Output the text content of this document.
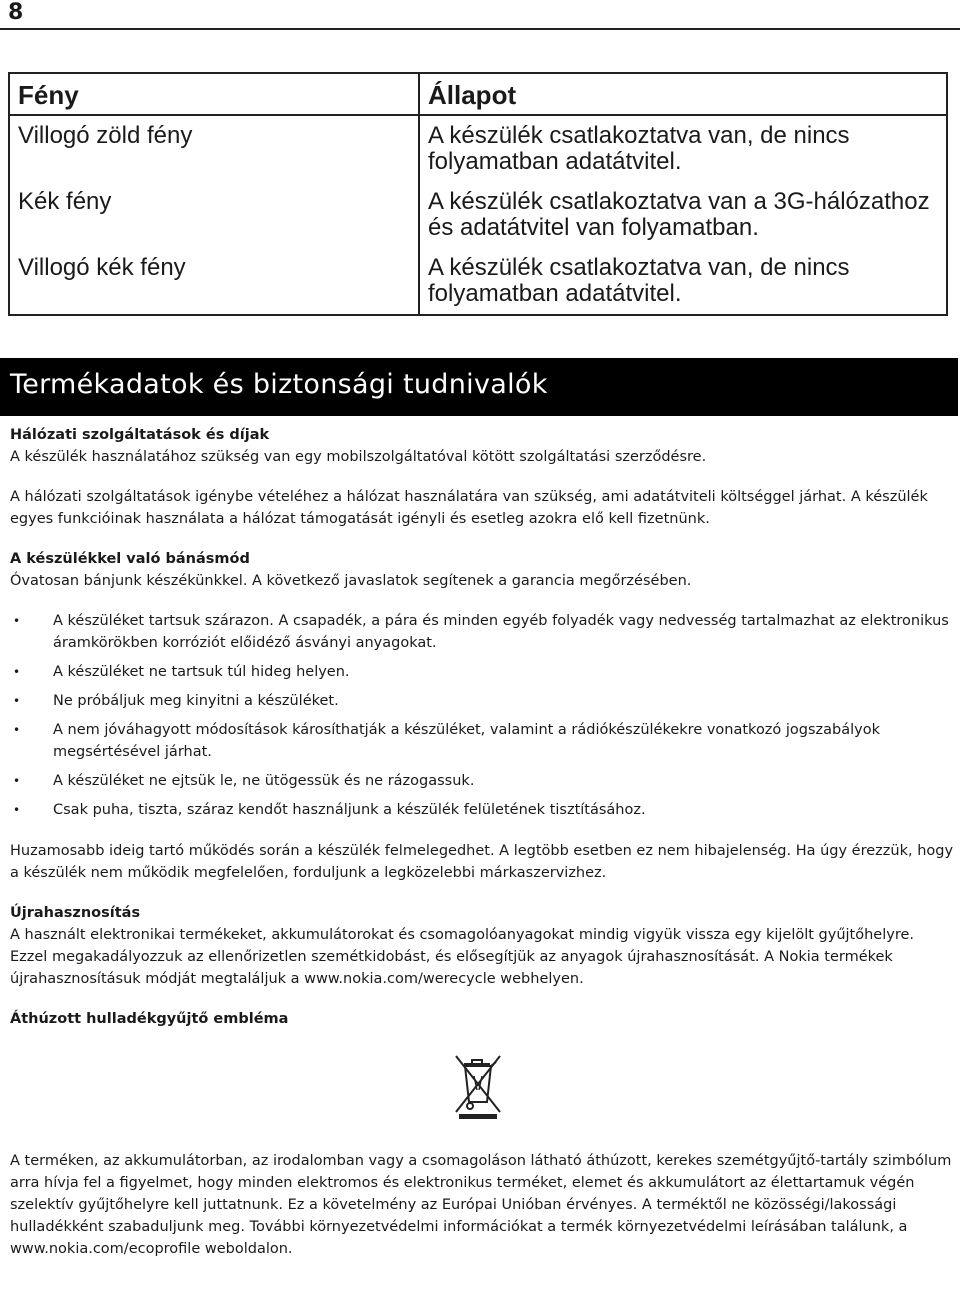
8
Fény	Állapot
Villogó zöld fény	A készülék csatlakoztatva van, de nincs folyamatban adatátvitel.
Kék fény	A készülék csatlakoztatva van a 3G-hálózathoz és adatátvitel van folyamatban.
Villogó kék fény	A készülék csatlakoztatva van, de nincs folyamatban adatátvitel.
Termékadatok és biztonsági tudnivalók

Hálózati szolgáltatások és díjak

A készülék használatához szükség van egy mobilszolgáltatóval kötött szolgáltatási szerződésre.

A hálózati szolgáltatások igénybe vételéhez a hálózat használatára van szükség, ami adatátviteli költséggel járhat. A készülék egyes funkcióinak használata a hálózat támogatását igényli és esetleg azokra elő kell fizetnünk.

A készülékkel való bánásmód

Óvatosan bánjunk készékünkkel. A következő javaslatok segítenek a garancia megőrzésében.

• A készüléket tartsuk szárazon. A csapadék, a pára és minden egyéb folyadék vagy nedvesség tartalmazhat az elektronikus áramkörökben korróziót előidéző ásványi anyagokat.
• A készüléket ne tartsuk túl hideg helyen.
• Ne próbáljuk meg kinyitni a készüléket.
• A nem jóváhagyott módosítások károsíthatják a készüléket, valamint a rádiókészülékekre vonatkozó jogszabályok megsértésével járhat.
• A készüléket ne ejtsük le, ne ütögessük és ne rázogassuk.
• Csak puha, tiszta, száraz kendőt használjunk a készülék felületének tisztításához.

Huzamosabb ideig tartó működés során a készülék felmelegedhet. A legtöbb esetben ez nem hibajelenség. Ha úgy érezzük, hogy a készülék nem működik megfelelően, forduljunk a legközelebbi márkaszervizhez.

Újrahasznosítás

A használt elektronikai termékeket, akkumulátorokat és csomagolóanyagokat mindig vigyük vissza egy kijelölt gyűjtőhelyre. Ezzel megakadályozzuk az ellenőrizetlen szemétkidobást, és elősegítjük az anyagok újrahasznosítását. A Nokia termékek újrahasznosításuk módját megtaláljuk a www.nokia.com/werecycle webhelyen.

Áthúzott hulladékgyűjtő embléma

A terméken, az akkumulátorban, az irodalomban vagy a csomagoláson látható áthúzott, kerekes szemétgyűjtő-tartály szimbólum arra hívja fel a figyelmet, hogy minden elektromos és elektronikus terméket, elemet és akkumulátort az élettartamuk végén szelektív gyűjtőhelyre kell juttatnunk. Ez a követelmény az Európai Unióban érvényes. A terméktől ne közösségi/lakossági hulladékként szabaduljunk meg. További környezetvédelmi információkat a termék környezetvédelmi leírásában találunk, a www.nokia.com/ecoprofile weboldalon.
